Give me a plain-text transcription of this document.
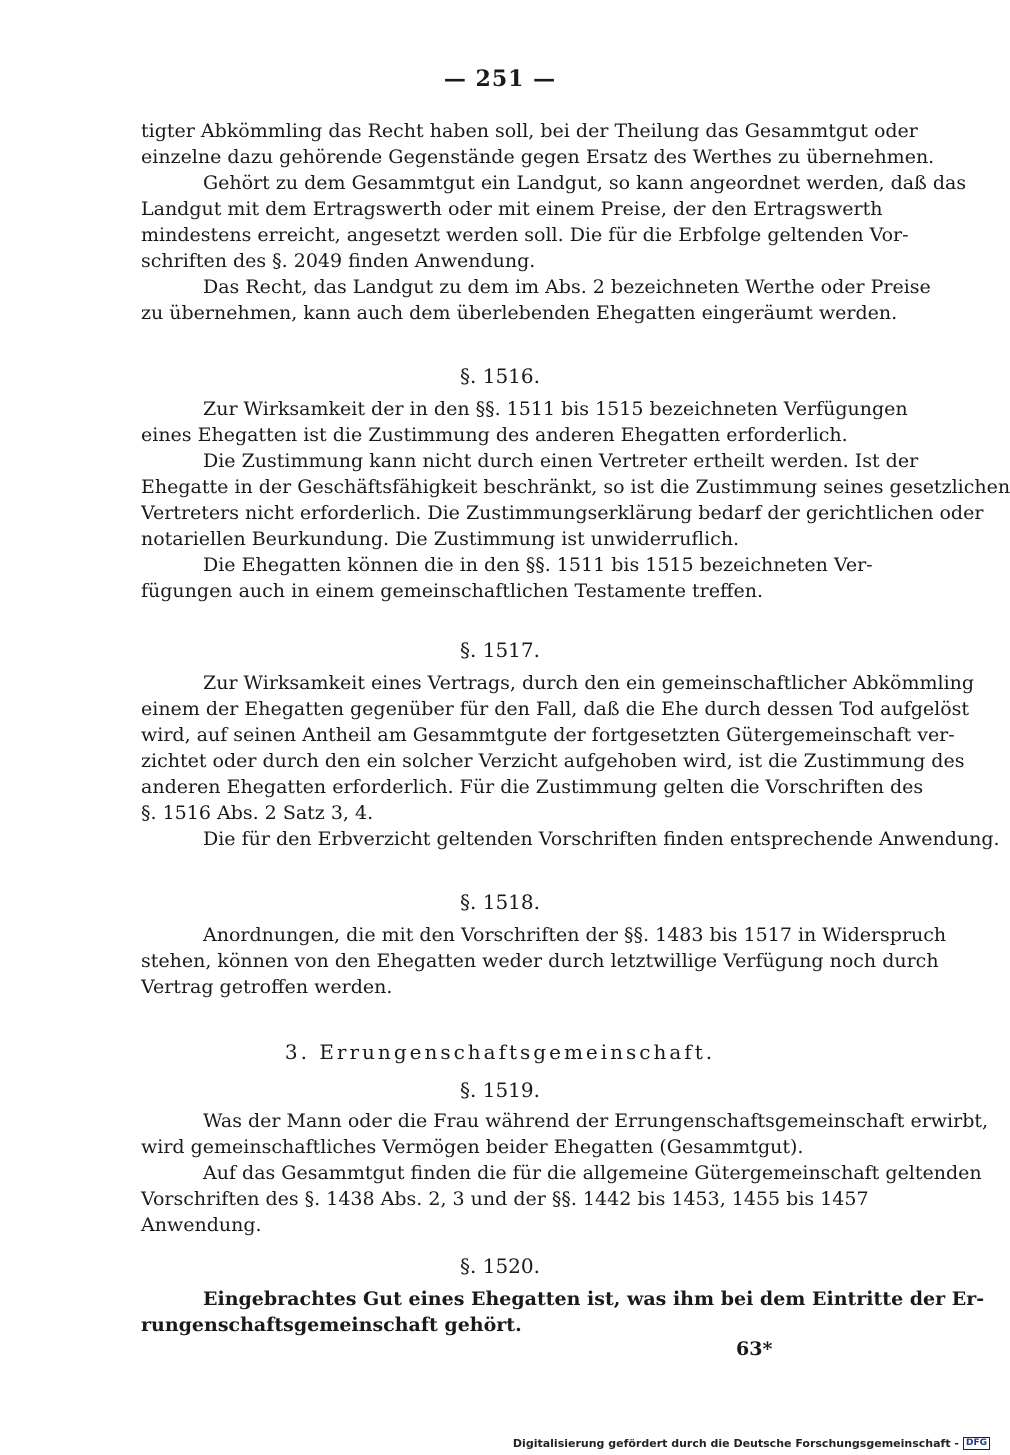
— 251 —
tigter Abkömmling das Recht haben soll, bei der Theilung das Gesammtgut oder
einzelne dazu gehörende Gegenstände gegen Ersatz des Werthes zu übernehmen.
Gehört zu dem Gesammtgut ein Landgut, so kann angeordnet werden, daß das
Landgut mit dem Ertragswerth oder mit einem Preise, der den Ertragswerth
mindestens erreicht, angesetzt werden soll. Die für die Erbfolge geltenden Vor-
schriften des §. 2049 finden Anwendung.
Das Recht, das Landgut zu dem im Abs. 2 bezeichneten Werthe oder Preise
zu übernehmen, kann auch dem überlebenden Ehegatten eingeräumt werden.
§. 1516.
Zur Wirksamkeit der in den §§. 1511 bis 1515 bezeichneten Verfügungen
eines Ehegatten ist die Zustimmung des anderen Ehegatten erforderlich.
Die Zustimmung kann nicht durch einen Vertreter ertheilt werden. Ist der
Ehegatte in der Geschäftsfähigkeit beschränkt, so ist die Zustimmung seines gesetzlichen
Vertreters nicht erforderlich. Die Zustimmungserklärung bedarf der gerichtlichen oder
notariellen Beurkundung. Die Zustimmung ist unwiderruflich.
Die Ehegatten können die in den §§. 1511 bis 1515 bezeichneten Ver-
fügungen auch in einem gemeinschaftlichen Testamente treffen.
§. 1517.
Zur Wirksamkeit eines Vertrags, durch den ein gemeinschaftlicher Abkömmling
einem der Ehegatten gegenüber für den Fall, daß die Ehe durch dessen Tod aufgelöst
wird, auf seinen Antheil am Gesammtgute der fortgesetzten Gütergemeinschaft ver-
zichtet oder durch den ein solcher Verzicht aufgehoben wird, ist die Zustimmung des
anderen Ehegatten erforderlich. Für die Zustimmung gelten die Vorschriften des
§. 1516 Abs. 2 Satz 3, 4.
Die für den Erbverzicht geltenden Vorschriften finden entsprechende Anwendung.
§. 1518.
Anordnungen, die mit den Vorschriften der §§. 1483 bis 1517 in Widerspruch
stehen, können von den Ehegatten weder durch letztwillige Verfügung noch durch
Vertrag getroffen werden.
3. Errungenschaftsgemeinschaft.
§. 1519.
Was der Mann oder die Frau während der Errungenschaftsgemeinschaft erwirbt,
wird gemeinschaftliches Vermögen beider Ehegatten (Gesammtgut).
Auf das Gesammtgut finden die für die allgemeine Gütergemeinschaft geltenden
Vorschriften des §. 1438 Abs. 2, 3 und der §§. 1442 bis 1453, 1455 bis 1457
Anwendung.
§. 1520.
Eingebrachtes Gut eines Ehegatten ist, was ihm bei dem Eintritte der Er-
rungenschaftsgemeinschaft gehört.
63*
Digitalisierung gefördert durch die Deutsche Forschungsgemeinschaft - DFG
